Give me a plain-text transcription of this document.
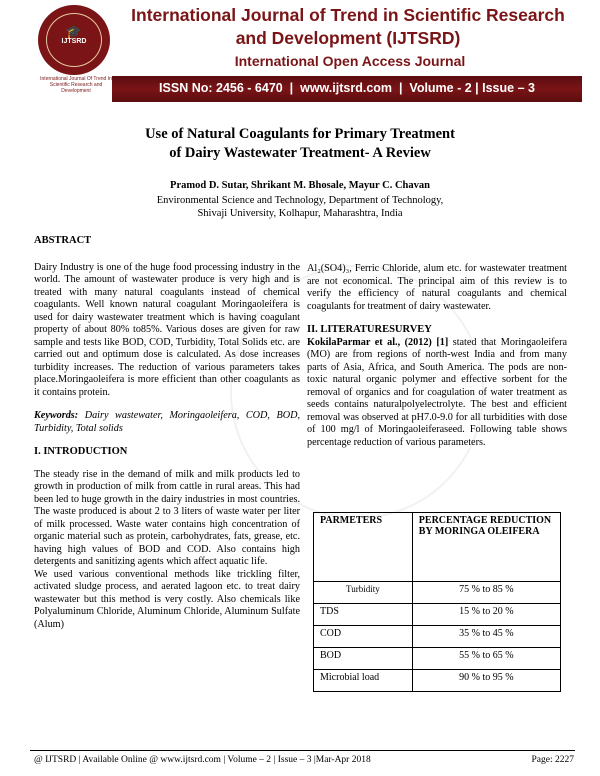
🎓
IJTSRD
International Journal Of Trend In Scientific Research and Development
International Journal of Trend in Scientific Research and Development (IJTSRD)
International Open Access Journal
ISSN No: 2456 - 6470  |  www.ijtsrd.com  |  Volume - 2 | Issue – 3
Use of Natural Coagulants for Primary Treatment
of Dairy Wastewater Treatment- A Review
Pramod D. Sutar, Shrikant M. Bhosale, Mayur C. Chavan
Environmental Science and Technology, Department of Technology,
Shivaji University, Kolhapur, Maharashtra, India
ABSTRACT

Dairy Industry is one of the huge food processing industry in the world. The amount of wastewater produce is very high and is treated with many natural coagulants instead of chemical coagulants. Well known natural coagulant Moringaoleifera is used for dairy wastewater treatment which is having coagulant property of about 80% to85%. Various doses are given for raw sample and tests like BOD, COD, Turbidity, Total Solids etc. are carried out and optimum dose is calculated. As dose increases turbidity increases. The reduction of various parameters takes place.Moringaoleifera is more efficient than other coagulants as it contains protein.

Keywords: Dairy wastewater, Moringaoleifera, COD, BOD, Turbidity, Total solids

I. INTRODUCTION

The steady rise in the demand of milk and milk products led to growth in production of milk from cattle in rural areas. This had been led to huge growth in the dairy industries in most countries. The waste produced is about 2 to 3 liters of waste water per liter of milk processed. Waste water contains high concentration of organic material such as protein, carbohydrates, fats, grease, etc. having high values of BOD and COD. Also contains high detergents and sanitizing agents which affect aquatic life.

We used various conventional methods like trickling filter, activated sludge process, and aerated lagoon etc. to treat dairy wastewater but this method is very costly. Also chemicals like Polyaluminum Chloride, Aluminum Chloride, Aluminum Sulfate (Alum)

Al₂(SO4)₃, Ferric Chloride, alum etc. for wastewater treatment are not economical. The principal aim of this review is to verify the efficiency of natural coagulants and chemical coagulants for treatment of dairy wastewater.

II. LITERATURESURVEY

KokilaParmar et al., (2012) [1] stated that Moringaoleifera (MO) are from regions of north-west India and from many parts of Asia, Africa, and South America. The pods are non-toxic natural organic polymer and effective sorbent for the removal of organics and for coagulation of water treatment as seeds contains naturalpolyelectrolyte. The best and efficient removal was observed at pH7.0-9.0 for all turbidities with dose of 100 mg/l of Moringaoleiferaseed. Following table shows percentage reduction of various parameters.

PARMETERS	PERCENTAGE REDUCTION BY MORINGA OLEIFERA
Turbidity	75 % to 85 %
TDS	15 % to 20 %
COD	35 % to 45 %
BOD	55 % to 65 %
Microbial load	90 % to 95 %
@ IJTSRD | Available Online @ www.ijtsrd.com | Volume – 2 | Issue – 3 |Mar-Apr 2018	Page: 2227
